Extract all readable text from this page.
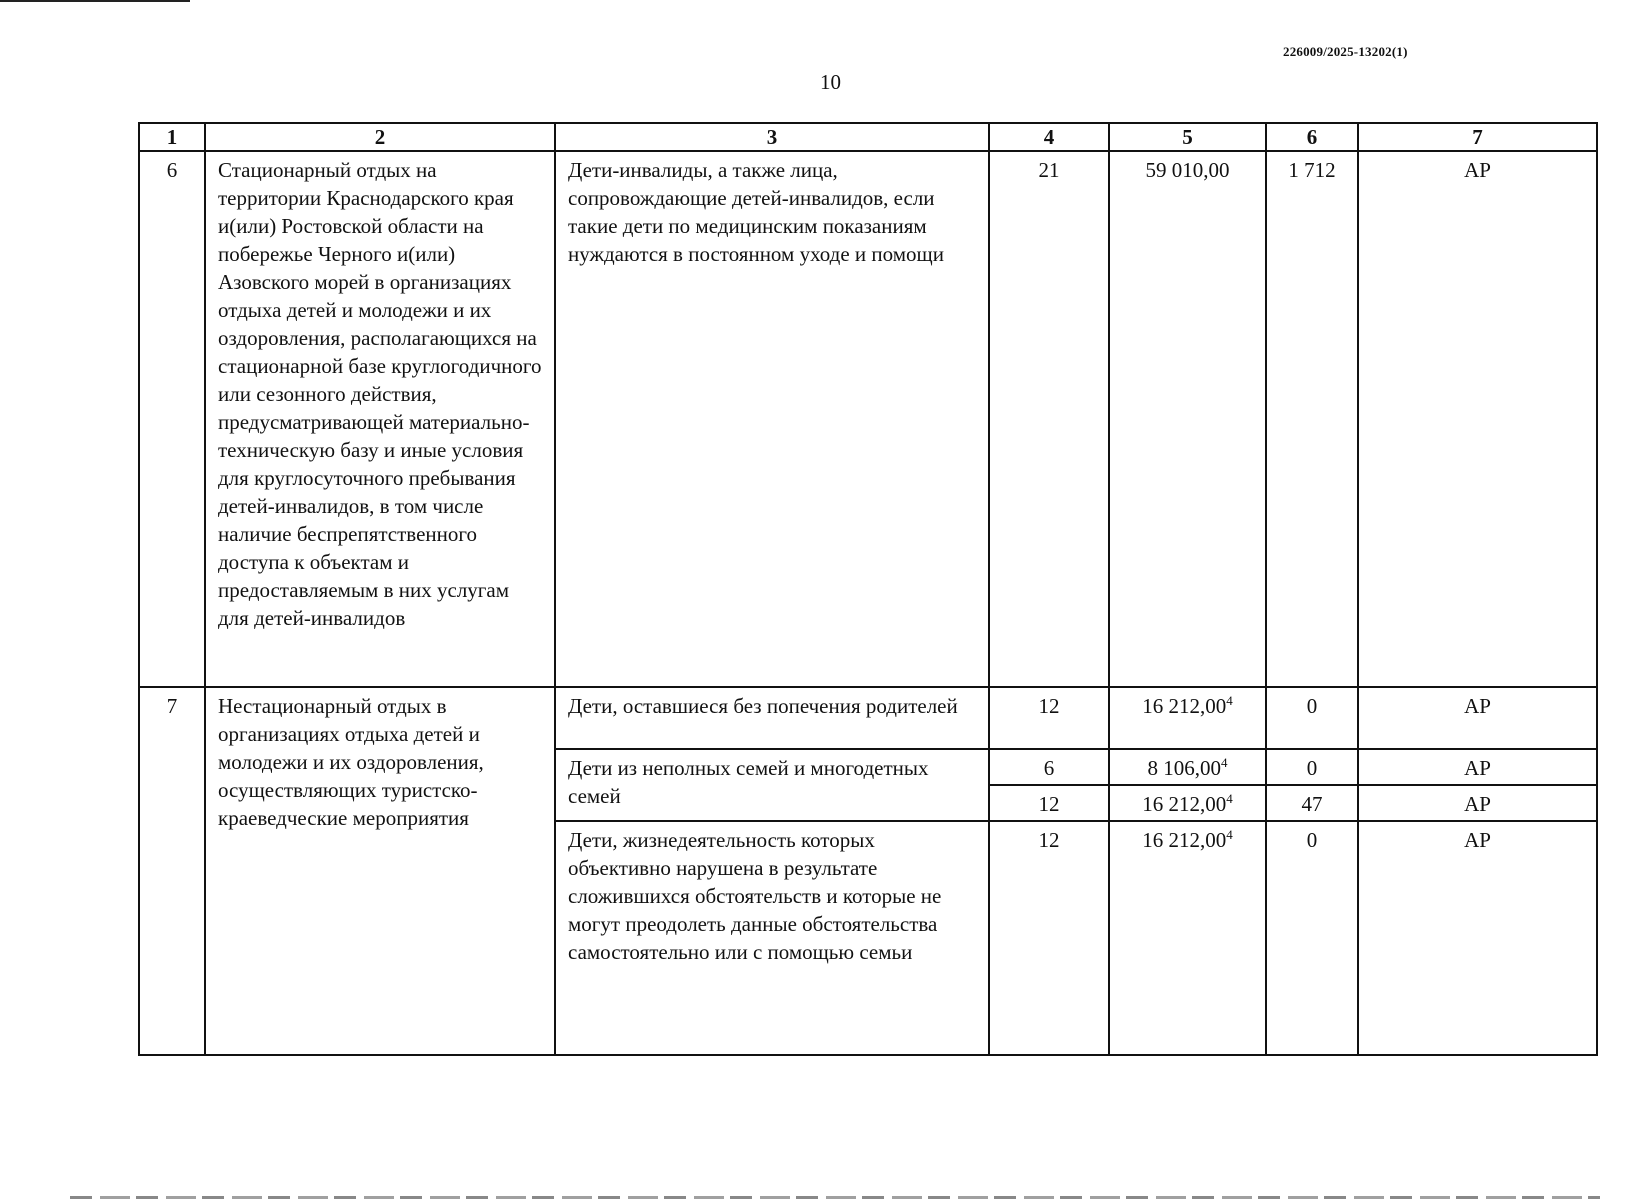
226009/2025-13202(1)
10
1	2	3	4	5	6	7
6	Стационарный отдых на территории Краснодарского края и(или) Ростовской области на побережье Черного и(или) Азовского морей в организациях отдыха детей и молодежи и их оздоровления, располагающихся на стационарной базе круглогодичного или сезонного действия, предусматривающей материально-техническую базу и иные условия для круглосуточного пребывания детей-инвалидов, в том числе наличие беспрепятственного доступа к объектам и предоставляемым в них услугам для детей-инвалидов	Дети-инвалиды, а также лица, сопровождающие детей-инвалидов, если такие дети по медицинским показаниям нуждаются в постоянном уходе и помощи	21	59 010,00	1 712	АР
7	Нестационарный отдых в организациях отдыха детей и молодежи и их оздоровления, осуществляющих туристско-краеведческие мероприятия	Дети, оставшиеся без попечения родителей	12	16 212,00$^4$	0	АР
		Дети из неполных семей и многодетных семей	6	8 106,00$^4$	0	АР
			12	16 212,00$^4$	47	АР
		Дети, жизнедеятельность которых объективно нарушена в результате сложившихся обстоятельств и которые не могут преодолеть данные обстоятельства самостоятельно или с помощью семьи	12	16 212,00$^4$	0	АР
